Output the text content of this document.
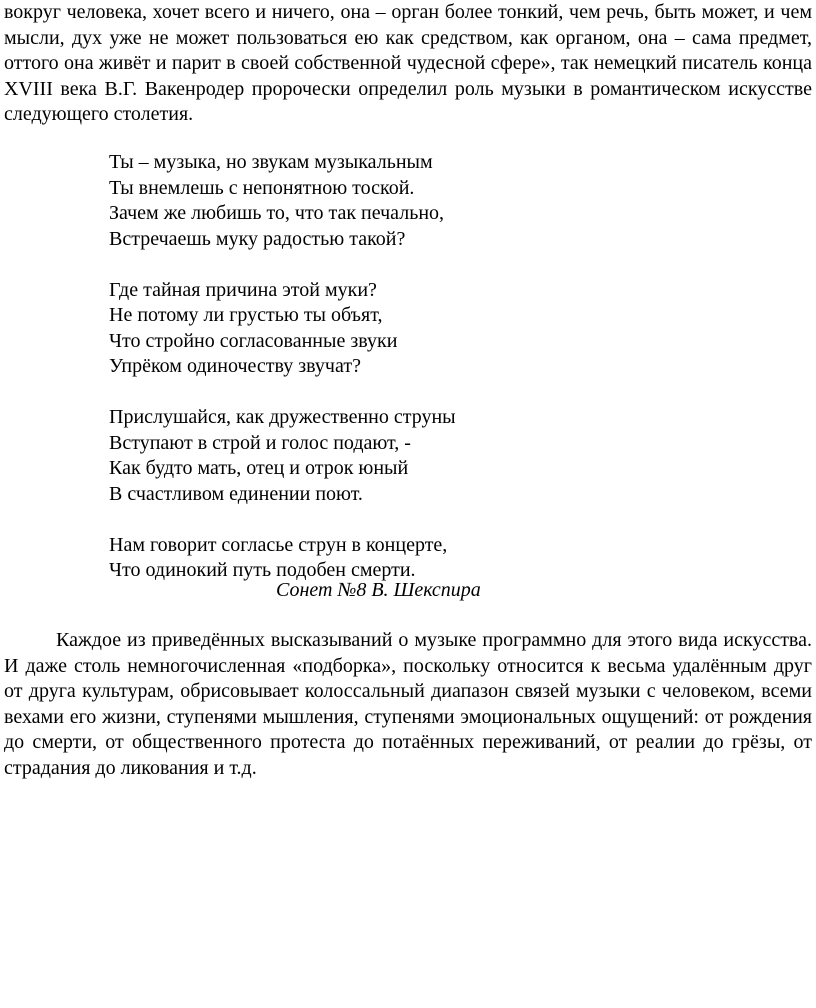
вокруг человека, хочет всего и ничего, она – орган более тонкий, чем речь, быть может, и чем мысли, дух уже не может пользоваться ею как средством, как органом, она – сама предмет, оттого она живёт и парит в своей собственной чудесной сфере», так немецкий писатель конца XVIII века В.Г. Вакенродер пророчески определил роль музыки в романтическом искусстве следующего столетия.

Ты – музыка, но звукам музыкальным
Ты внемлешь с непонятною тоской.
Зачем же любишь то, что так печально,
Встречаешь муку радостью такой?
Где тайная причина этой муки?
Не потому ли грустью ты объят,
Что стройно согласованные звуки
Упрёком одиночеству звучат?
Прислушайся, как дружественно струны
Вступают в строй и голос подают, -
Как будто мать, отец и отрок юный
В счастливом единении поют.
Нам говорит согласье струн в концерте,
Что одинокий путь подобен смерти.
Сонет №8 В. Шекспира

Каждое из приведённых высказываний о музыке программно для этого вида искусства. И даже столь немногочисленная «подборка», поскольку относится к весьма удалённым друг от друга культурам, обрисовывает колоссальный диапазон связей музыки с человеком, всеми вехами его жизни, ступенями мышления, ступенями эмоциональных ощущений: от рождения до смерти, от общественного протеста до потаённых переживаний, от реалии до грёзы, от страдания до ликования и т.д.
